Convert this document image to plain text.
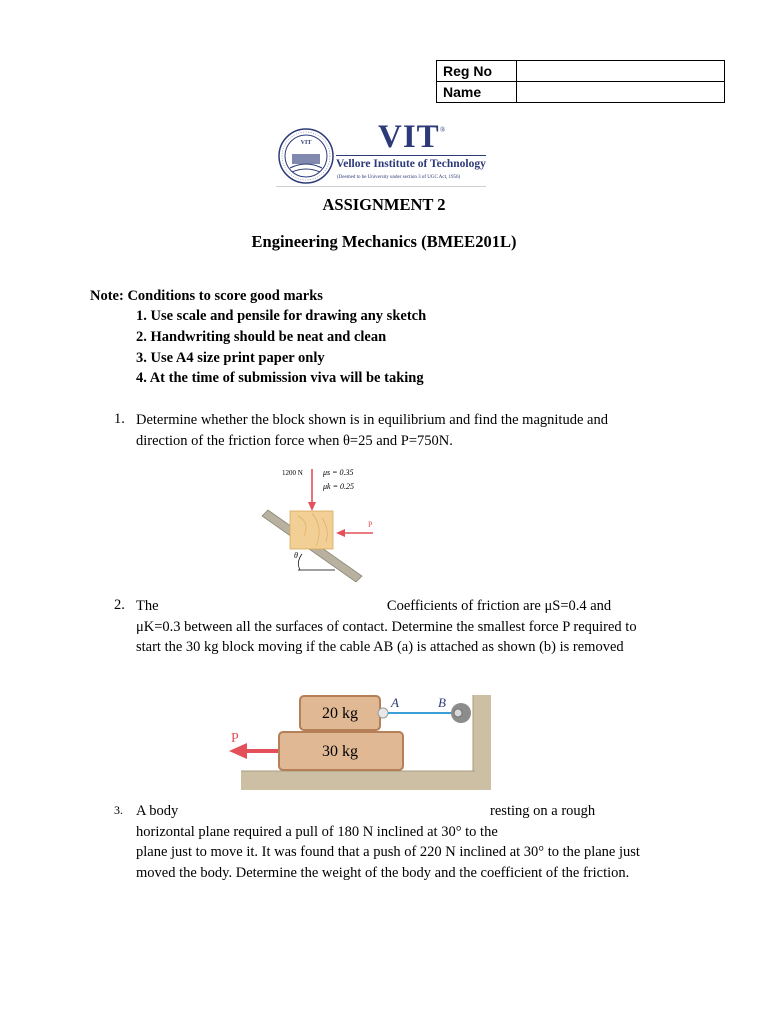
Reg No	
Name	
VIT VIT ®
Vellore Institute of Technology
(Deemed to be University under section 3 of UGC Act, 1956)
ASSIGNMENT 2
Engineering Mechanics (BMEE201L)
Note: Conditions to score good marks
1. Use scale and pensile for drawing any sketch
2. Handwriting should be neat and clean
3. Use A4 size print paper only
4. At the time of submission viva will be taking
1. Determine whether the block shown is in equilibrium and find the magnitude and
direction of the friction force when θ=25 and P=750N.
θ
1200 N	μs = 0.35
μk = 0.25
P
2. The                                                               Coefficients of friction are μS=0.4 and
μK=0.3 between all the surfaces of contact. Determine the smallest force P required to
start the 30 kg block moving if the cable AB (a) is attached as shown (b) is removed
30 kg
20 kg
A	B
P
3. A body                                                                                      resting on a rough
horizontal plane required a pull of 180 N inclined at 30° to the
plane just to move it. It was found that a push of 220 N inclined at 30° to the plane just
moved the body. Determine the weight of the body and the coefficient of the friction.
